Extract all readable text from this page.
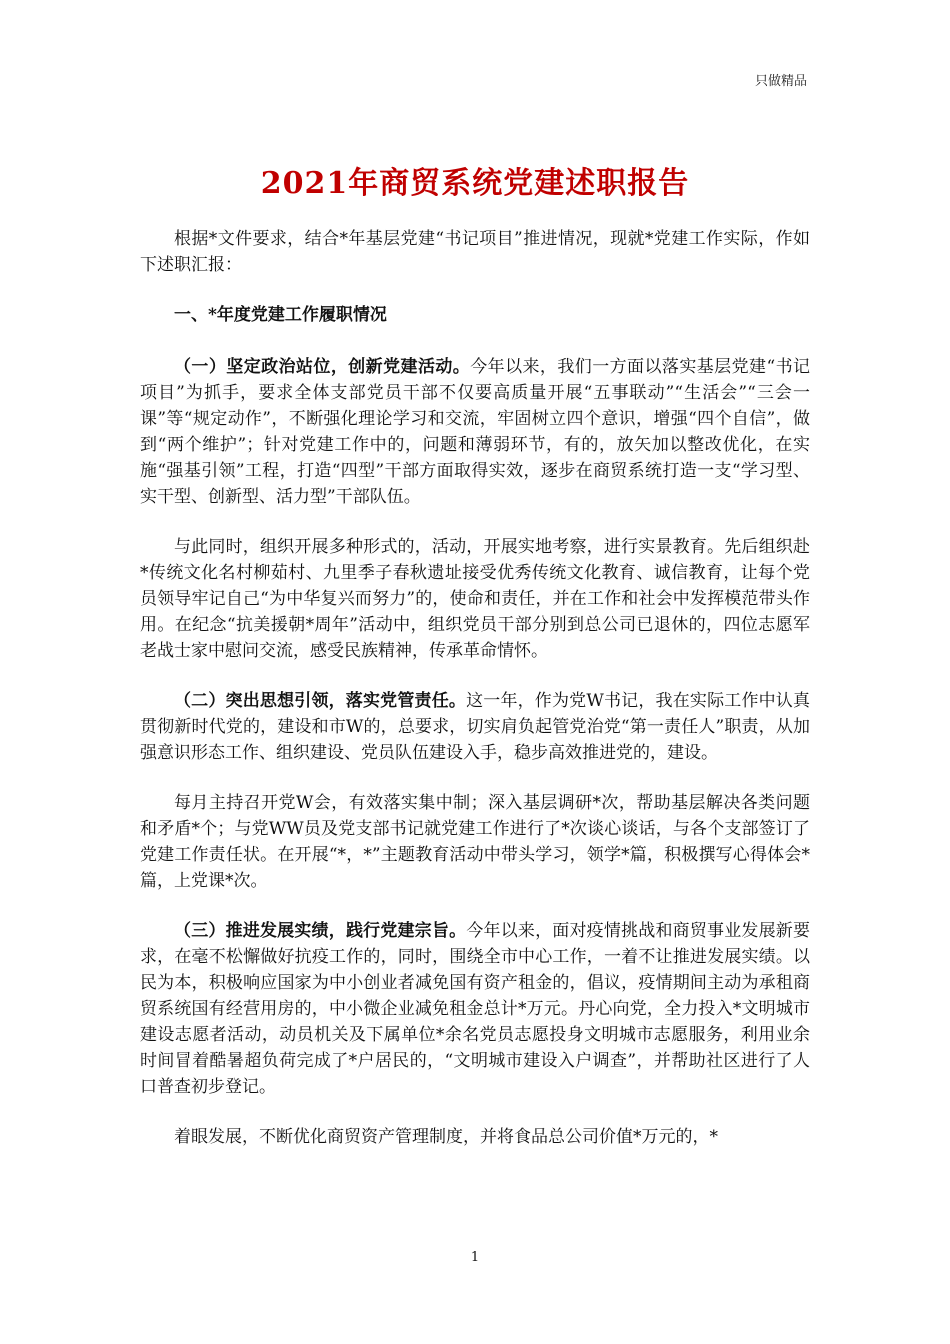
只做精品
2021年商贸系统党建述职报告

根据*文件要求，结合*年基层党建“书记项目”推进情况，现就*党建工作实际，作如下述职汇报：

一、*年度党建工作履职情况

（一）坚定政治站位，创新党建活动。今年以来，我们一方面以落实基层党建“书记项目”为抓手，要求全体支部党员干部不仅要高质量开展“五事联动”“生活会”“三会一课”等“规定动作”，不断强化理论学习和交流，牢固树立四个意识，增强“四个自信”，做到“两个维护”；针对党建工作中的，问题和薄弱环节，有的，放矢加以整改优化，在实施“强基引领”工程，打造“四型”干部方面取得实效，逐步在商贸系统打造一支“学习型、实干型、创新型、活力型”干部队伍。

与此同时，组织开展多种形式的，活动，开展实地考察，进行实景教育。先后组织赴*传统文化名村柳茹村、九里季子春秋遗址接受优秀传统文化教育、诚信教育，让每个党员领导牢记自己“为中华复兴而努力”的，使命和责任，并在工作和社会中发挥模范带头作用。在纪念“抗美援朝*周年”活动中，组织党员干部分别到总公司已退休的，四位志愿军老战士家中慰问交流，感受民族精神，传承革命情怀。

（二）突出思想引领，落实党管责任。这一年，作为党W书记，我在实际工作中认真贯彻新时代党的，建设和市W的，总要求，切实肩负起管党治党“第一责任人”职责，从加强意识形态工作、组织建设、党员队伍建设入手，稳步高效推进党的，建设。

每月主持召开党W会，有效落实集中制；深入基层调研*次，帮助基层解决各类问题和矛盾*个；与党WW员及党支部书记就党建工作进行了*次谈心谈话，与各个支部签订了党建工作责任状。在开展“*，*”主题教育活动中带头学习，领学*篇，积极撰写心得体会*篇，上党课*次。

（三）推进发展实绩，践行党建宗旨。今年以来，面对疫情挑战和商贸事业发展新要求，在毫不松懈做好抗疫工作的，同时，围绕全市中心工作，一着不让推进发展实绩。以民为本，积极响应国家为中小创业者减免国有资产租金的，倡议，疫情期间主动为承租商贸系统国有经营用房的，中小微企业减免租金总计*万元。丹心向党，全力投入*文明城市建设志愿者活动，动员机关及下属单位*余名党员志愿投身文明城市志愿服务，利用业余时间冒着酷暑超负荷完成了*户居民的，“文明城市建设入户调查”，并帮助社区进行了人口普查初步登记。

着眼发展，不断优化商贸资产管理制度，并将食品总公司价值*万元的，*

1
